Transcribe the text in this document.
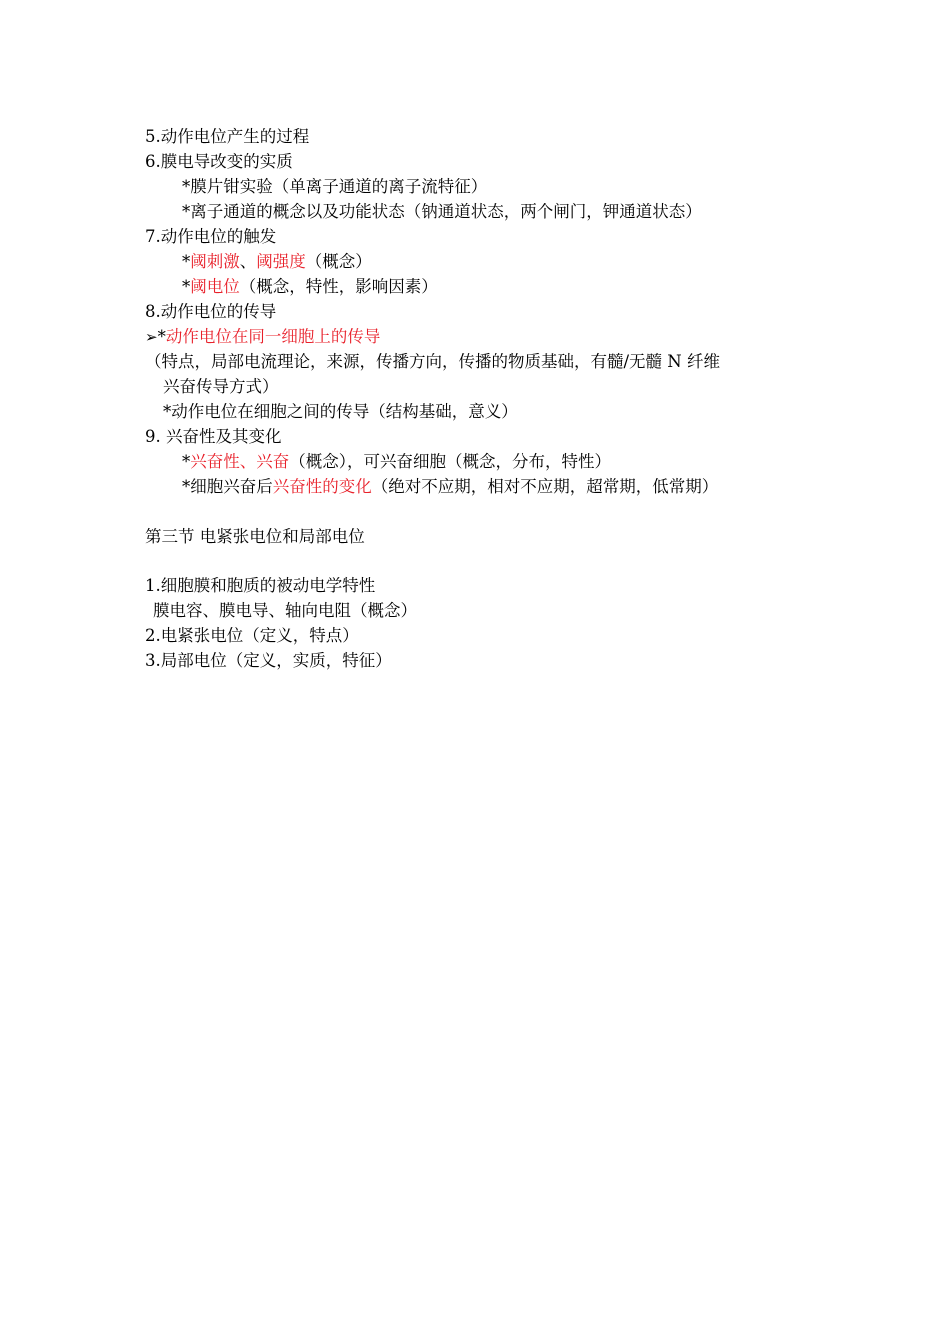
5.动作电位产生的过程
6.膜电导改变的实质
*膜片钳实验（单离子通道的离子流特征）
*离子通道的概念以及功能状态（钠通道状态，两个闸门，钾通道状态）
7.动作电位的触发
*阈刺激、阈强度（概念）
*阈电位（概念，特性，影响因素）
8.动作电位的传导
➢*动作电位在同一细胞上的传导
（特点，局部电流理论，来源，传播方向，传播的物质基础，有髓/无髓 N 纤维
兴奋传导方式）
*动作电位在细胞之间的传导（结构基础，意义）
9. 兴奋性及其变化
*兴奋性、兴奋（概念），可兴奋细胞（概念，分布，特性）
*细胞兴奋后兴奋性的变化（绝对不应期，相对不应期，超常期，低常期）
第三节 电紧张电位和局部电位
1.细胞膜和胞质的被动电学特性
膜电容、膜电导、轴向电阻（概念）
2.电紧张电位（定义，特点）
3.局部电位（定义，实质，特征）
